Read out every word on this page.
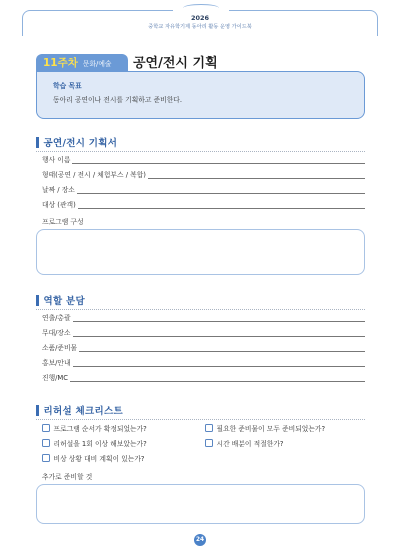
2026
중학교 자유학기제 동아리 활동 운영 가이드북
11주차 문화/예술 공연/전시 기획
학습 목표
동아리 공연이나 전시를 기획하고 준비한다.
공연/전시 기획서
행사 이름
형태(공연 / 전시 / 체험부스 / 복합)
날짜 / 장소
대상 (관객)
프로그램 구성
역할 분담
연출/총괄
무대/장소
소품/준비물
홍보/안내
진행/MC
리허설 체크리스트
프로그램 순서가 확정되었는가?	필요한 준비물이 모두 준비되었는가?
리허설을 1회 이상 해보았는가?	시간 배분이 적절한가?
비상 상황 대비 계획이 있는가?
추가로 준비할 것
24
